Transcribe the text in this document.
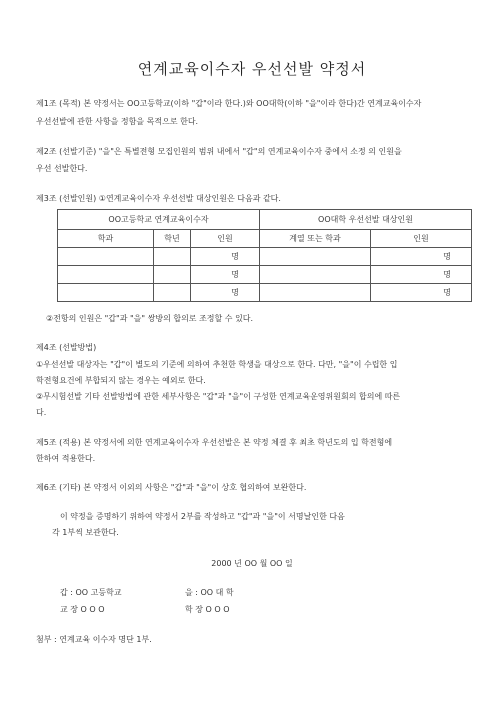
연계교육이수자 우선선발 약정서
제1조 (목적) 본 약정서는 OO고등학교(이하 "갑"이라 한다.)와 OO대학(이하 "을"이라 한다)간 연계교육이수자
우선선발에 관한 사항을 정함을 목적으로 한다.
제2조 (선발기준) "을"은 특별전형 모집인원의 범위 내에서 "갑"의 연계교육이수자 중에서 소정 의 인원을
우선 선발한다.
제3조 (선발인원) ①연계교육이수자 우선선발 대상인원은 다음과 같다.
OO고등학교 연계교육이수자			OO대학 우선선발 대상인원	
학과	학년	인원	계열 또는 학과	인원
		명		명
		명		명
		명		명
②전항의 인원은 "갑"과 "을" 쌍방의 합의로 조정할 수 있다.
제4조 (선발방법)
①우선선발 대상자는 "갑"이 별도의 기준에 의하여 추천한 학생을 대상으로 한다. 다만, "을"이 수립한 입
학전형요건에 부합되지 않는 경우는 예외로 한다.
②무시험선발 기타 선발방법에 관한 세부사항은 "갑"과 "을"이 구성한 연계교육운영위원회의 합의에 따른
다.
제5조 (적용) 본 약정서에 의한 연계교육이수자 우선선발은 본 약정 체결 후 최초 학년도의 입 학전형에
한하여 적용한다.
제6조 (기타) 본 약정서 이외의 사항은 "갑"과 "을"이 상호 협의하여 보완한다.
이 약정을 증명하기 위하여 약정서 2부를 작성하고 "갑"과 "을"이 서명날인한 다음
각 1부씩 보관한다.
2000 년 OO 월 OO 일
갑 : OO 고등학교	을 : OO 대 학
교 장 O O O	학 장 O O O
첨부 : 연계교육 이수자 명단 1부.
